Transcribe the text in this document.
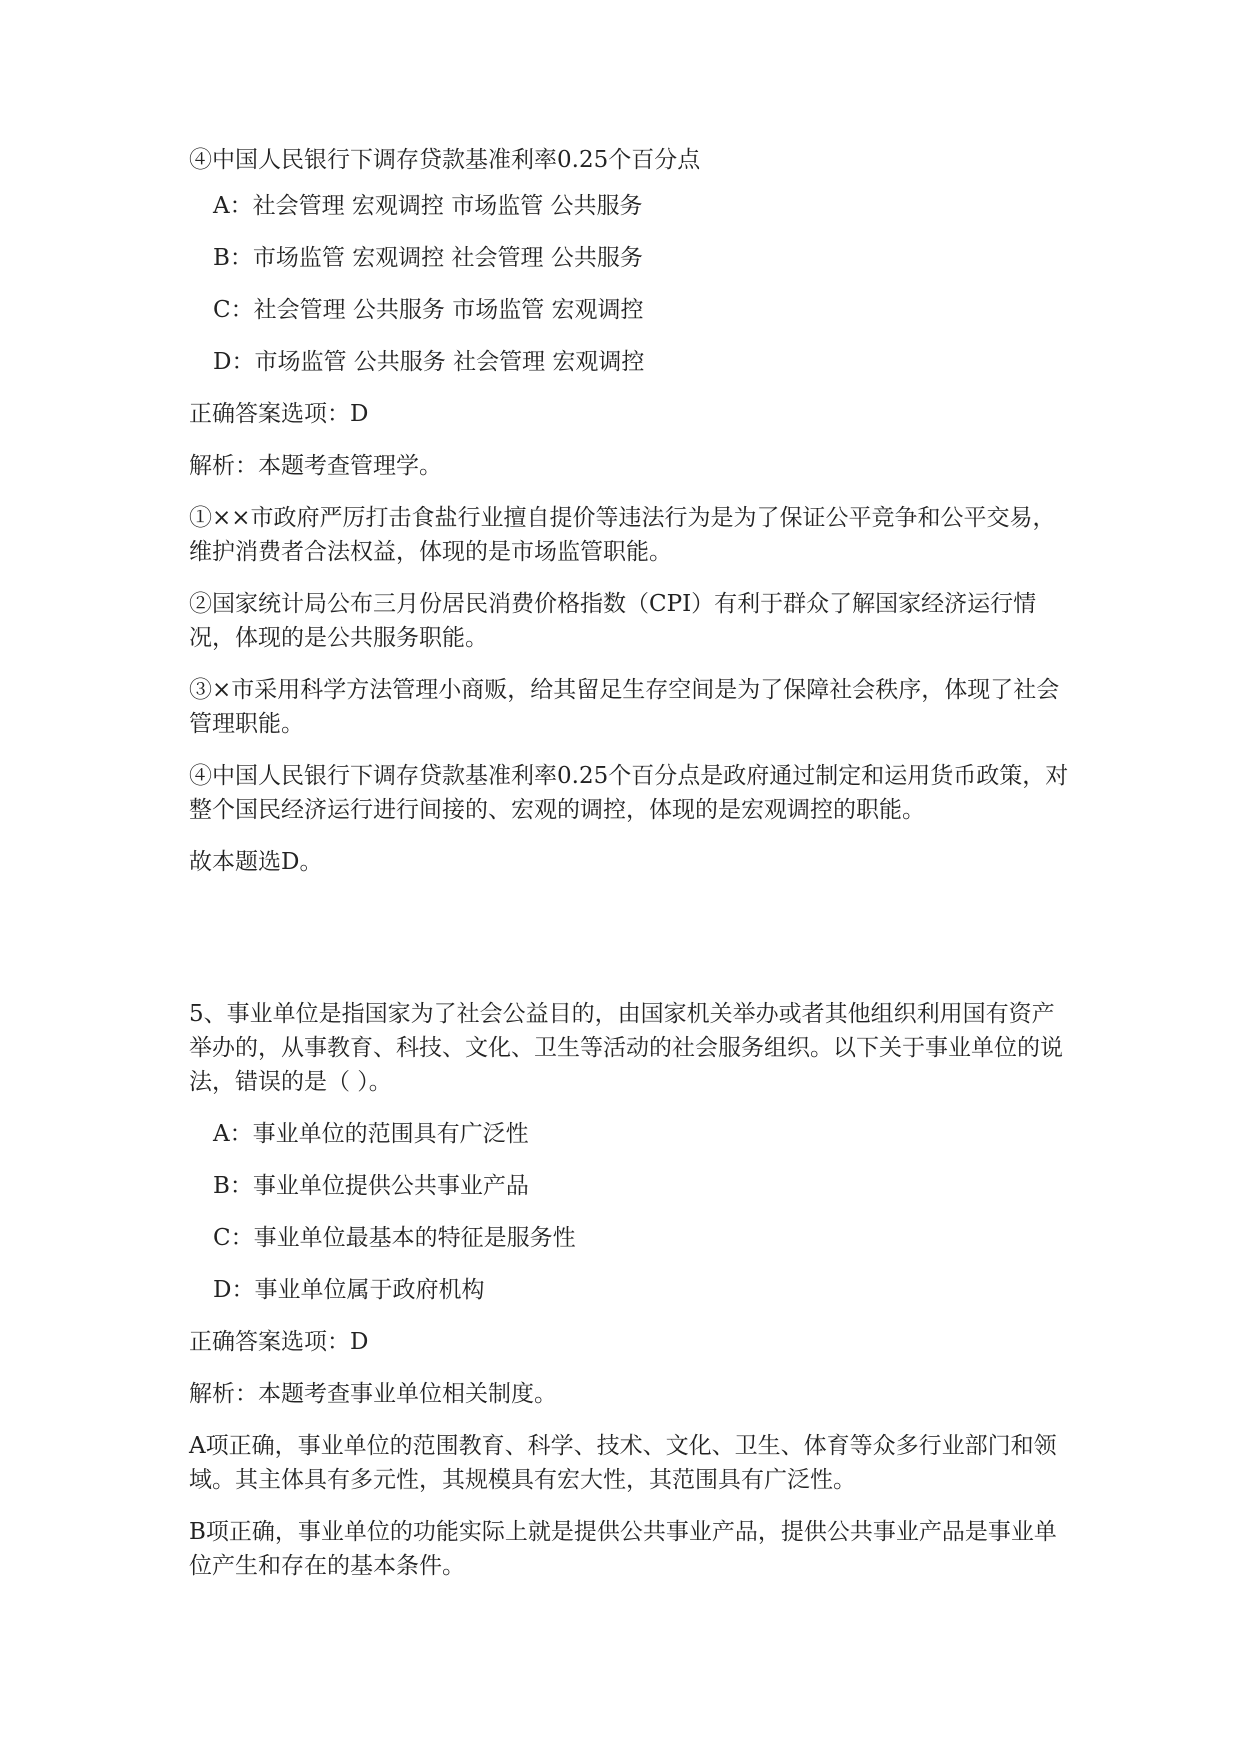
④中国人民银行下调存贷款基准利率0.25个百分点

A：社会管理 宏观调控 市场监管 公共服务

B：市场监管 宏观调控 社会管理 公共服务

C：社会管理 公共服务 市场监管 宏观调控

D：市场监管 公共服务 社会管理 宏观调控

正确答案选项：D

解析：本题考查管理学。

①××市政府严厉打击食盐行业擅自提价等违法行为是为了保证公平竞争和公平交易，维护消费者合法权益，体现的是市场监管职能。

②国家统计局公布三月份居民消费价格指数（CPI）有利于群众了解国家经济运行情况，体现的是公共服务职能。

③×市采用科学方法管理小商贩，给其留足生存空间是为了保障社会秩序，体现了社会管理职能。

④中国人民银行下调存贷款基准利率0.25个百分点是政府通过制定和运用货币政策，对整个国民经济运行进行间接的、宏观的调控，体现的是宏观调控的职能。

故本题选D。

5、事业单位是指国家为了社会公益目的，由国家机关举办或者其他组织利用国有资产举办的，从事教育、科技、文化、卫生等活动的社会服务组织。以下关于事业单位的说法，错误的是（ ）。

A：事业单位的范围具有广泛性

B：事业单位提供公共事业产品

C：事业单位最基本的特征是服务性

D：事业单位属于政府机构

正确答案选项：D

解析：本题考查事业单位相关制度。

A项正确，事业单位的范围教育、科学、技术、文化、卫生、体育等众多行业部门和领域。其主体具有多元性，其规模具有宏大性，其范围具有广泛性。

B项正确，事业单位的功能实际上就是提供公共事业产品，提供公共事业产品是事业单位产生和存在的基本条件。
